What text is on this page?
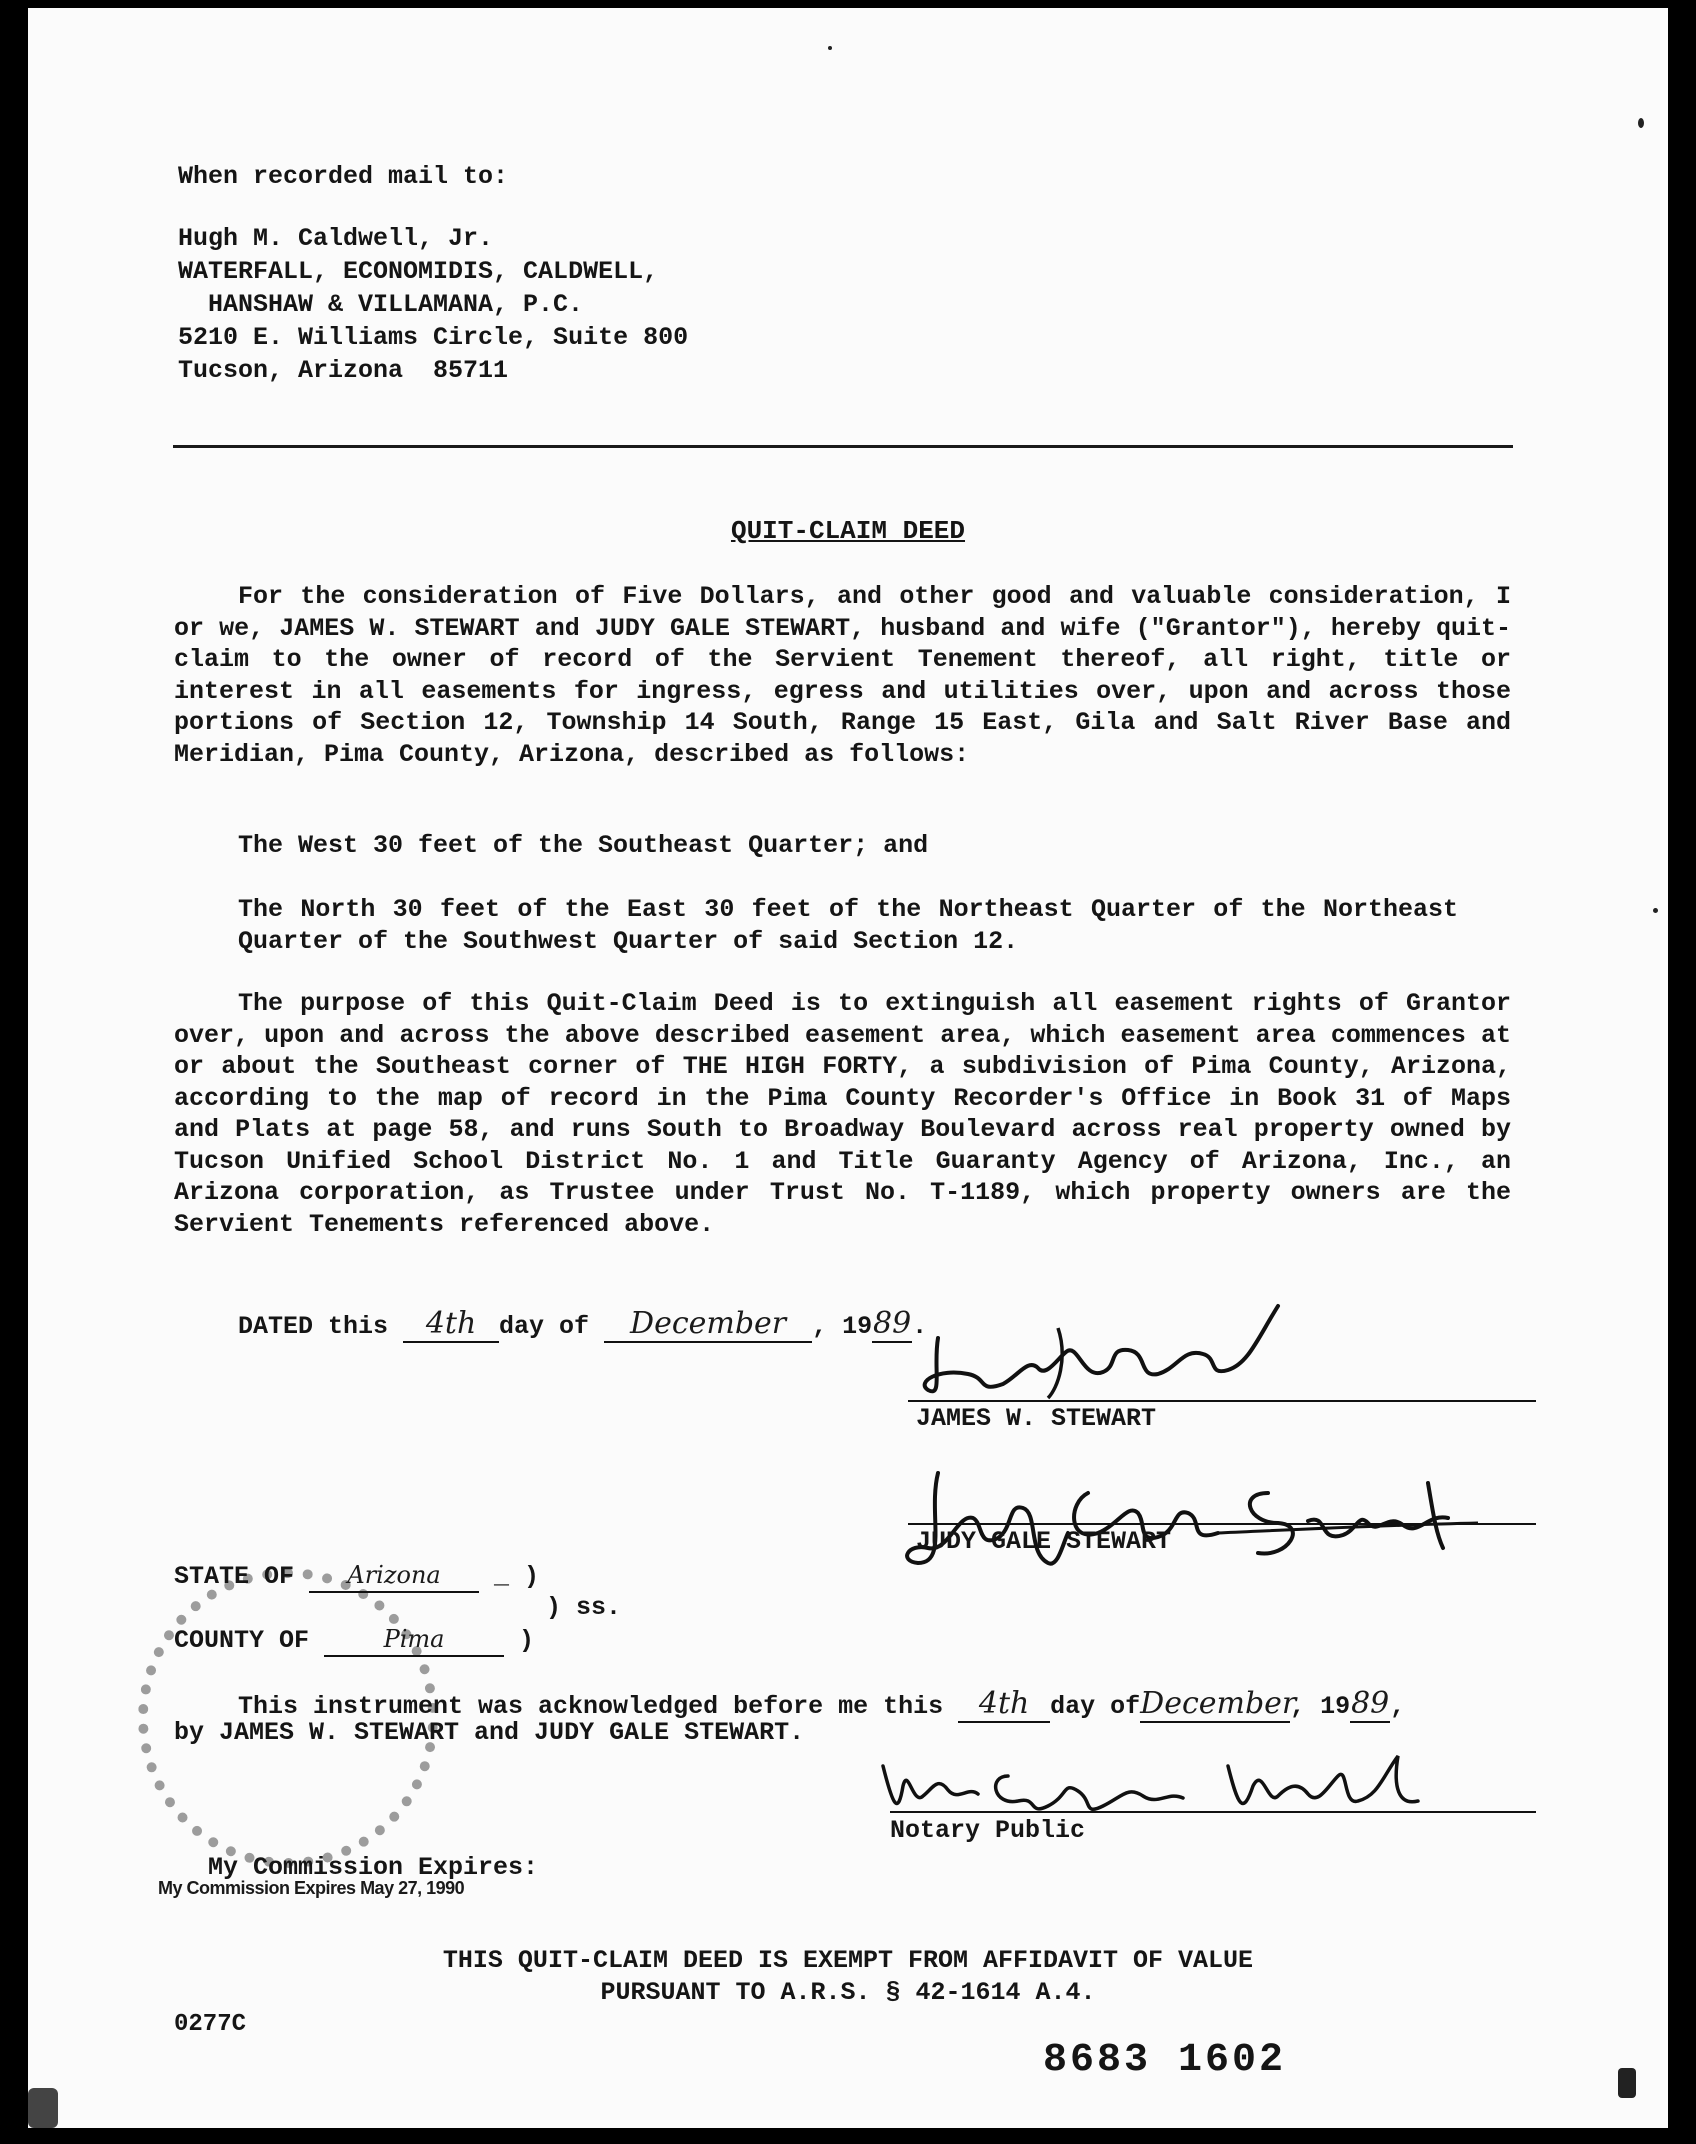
When recorded mail to:
Hugh M. Caldwell, Jr.
WATERFALL, ECONOMIDIS, CALDWELL,
HANSHAW & VILLAMANA, P.C.
5210 E. Williams Circle, Suite 800
Tucson, Arizona  85711
QUIT-CLAIM DEED
For the consideration of Five Dollars, and other good and valuable consideration, I or we, JAMES W. STEWART and JUDY GALE STEWART, husband and wife ("Grantor"), hereby quit-claim to the owner of record of the Servient Tenement thereof, all right, title or interest in all easements for ingress, egress and utilities over, upon and across those portions of Section 12, Township 14 South, Range 15 East, Gila and Salt River Base and Meridian, Pima County, Arizona, described as follows:
The West 30 feet of the Southeast Quarter; and
The North 30 feet of the East 30 feet of the Northeast Quarter of the Northeast Quarter of the Southwest Quarter of said Section 12.
The purpose of this Quit-Claim Deed is to extinguish all easement rights of Grantor over, upon and across the above described easement area, which easement area commences at or about the Southeast corner of THE HIGH FORTY, a subdivision of Pima County, Arizona, according to the map of record in the Pima County Recorder's Office in Book 31 of Maps and Plats at page 58, and runs South to Broadway Boulevard across real property owned by Tucson Unified School District No. 1 and Title Guaranty Agency of Arizona, Inc., an Arizona corporation, as Trustee under Trust No. T-1189, which property owners are the Servient Tenements referenced above.
DATED this 4th day of December , 1989.
JAMES W. STEWART
JUDY GALE STEWART
STATE OF Arizona _ )
) ss.
COUNTY OF	Pima )
This instrument was acknowledged before me this 4th day ofDecember, 1989,
by JAMES W. STEWART and JUDY GALE STEWART.
Notary Public
My Commission Expires:
My Commission Expires May 27, 1990
THIS QUIT-CLAIM DEED IS EXEMPT FROM AFFIDAVIT OF VALUE
PURSUANT TO A.R.S. § 42-1614 A.4.
0277C
8683 1602
